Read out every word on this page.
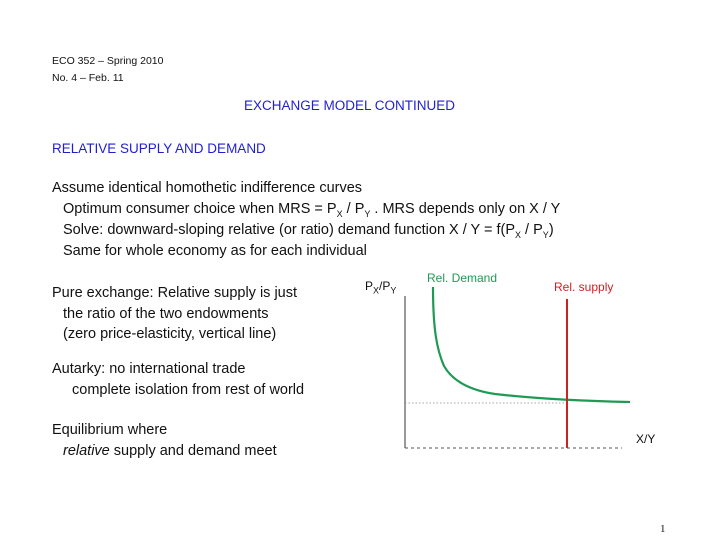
ECO 352 – Spring 2010
No. 4 – Feb. 11
EXCHANGE MODEL CONTINUED
RELATIVE SUPPLY AND DEMAND
Assume identical homothetic indifference curves
Optimum consumer choice when MRS = $P_X / P_Y$ . MRS depends only on X / Y
Solve: downward-sloping relative (or ratio) demand function $X / Y = f(P_X / P_Y)$
Same for whole economy as for each individual
Pure exchange: Relative supply is just
the ratio of the two endowments
(zero price-elasticity, vertical line)
Autarky: no international trade
complete isolation from rest of world
Equilibrium where
relative supply and demand meet
$P_X/P_Y$
X/Y
Rel. Demand
Rel. supply
1
